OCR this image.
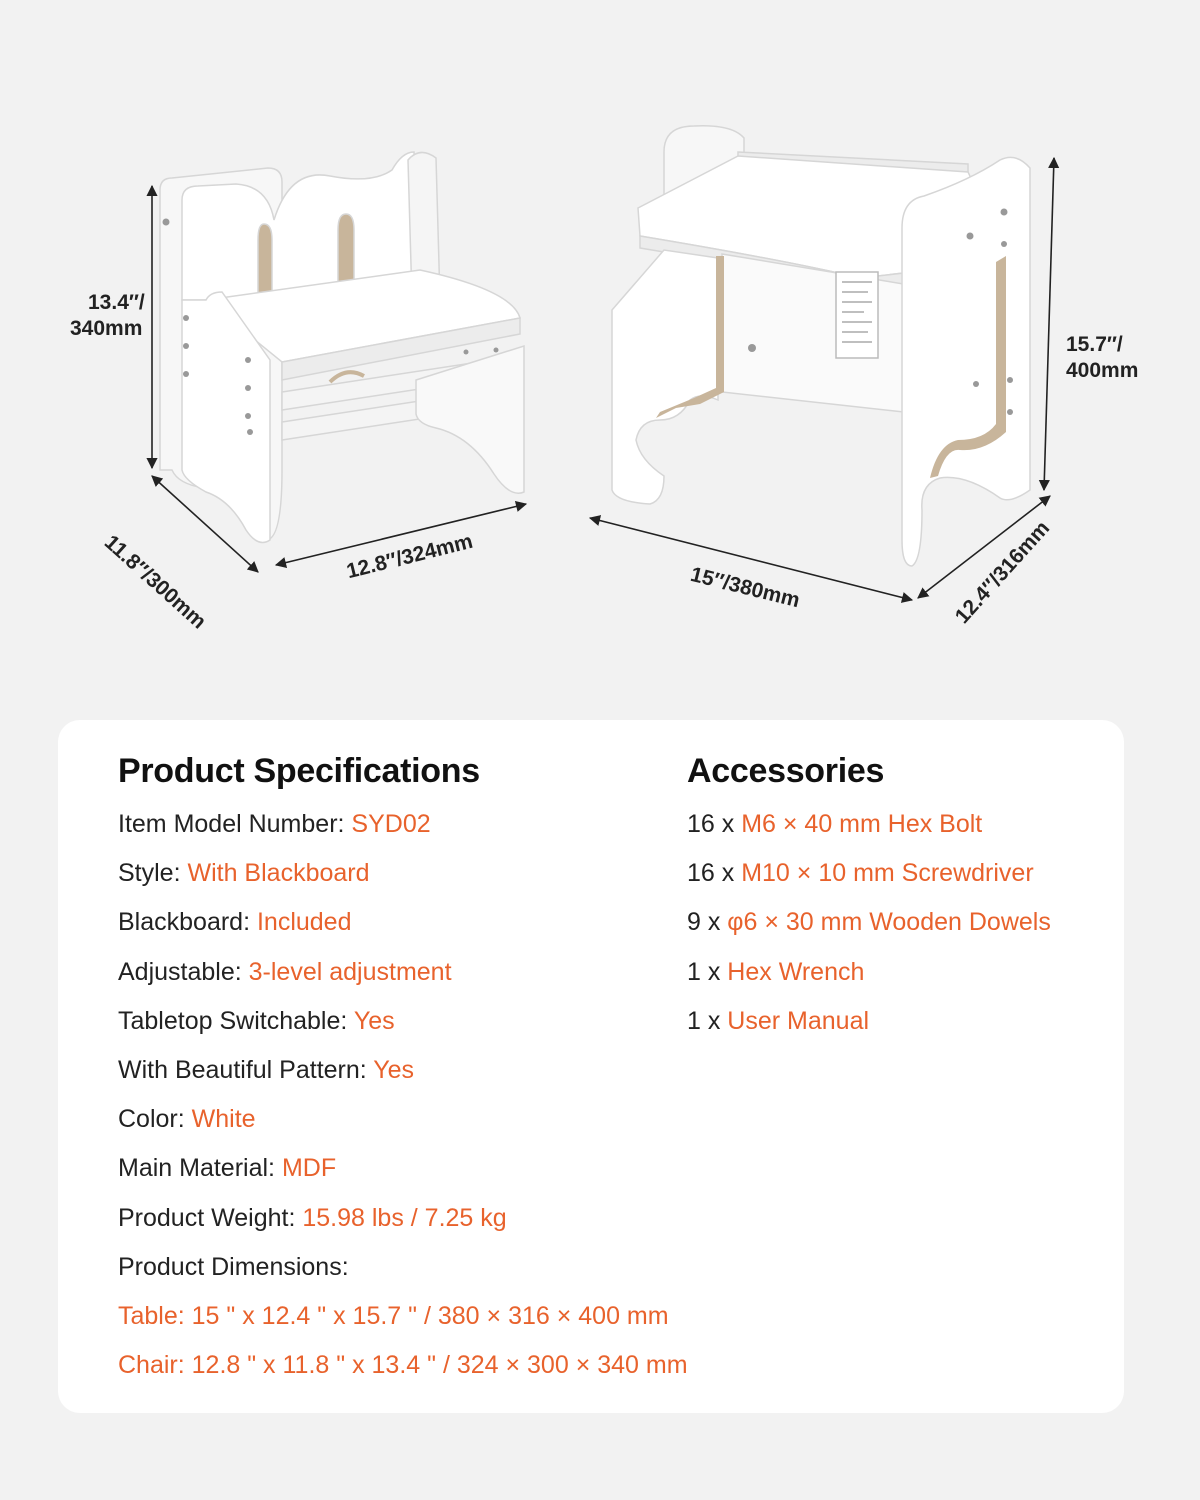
13.4″/
340mm
11.8″/300mm	12.8″/324mm
15.7″/
400mm
15″/380mm	12.4″/316mm
Product Specifications
Item Model Number: SYD02
Style: With Blackboard
Blackboard: Included
Adjustable: 3-level adjustment
Tabletop Switchable: Yes
With Beautiful Pattern: Yes
Color: White
Main Material: MDF
Product Weight: 15.98 lbs / 7.25 kg
Product Dimensions:
Table: 15 " x 12.4 " x 15.7 " / 380 × 316 × 400 mm
Chair: 12.8 " x 11.8 " x 13.4 " / 324 × 300 × 340 mm
Accessories
16 x M6 × 40 mm Hex Bolt
16 x M10 × 10 mm Screwdriver
9 x φ6 × 30 mm Wooden Dowels
1 x Hex Wrench
1 x User Manual
